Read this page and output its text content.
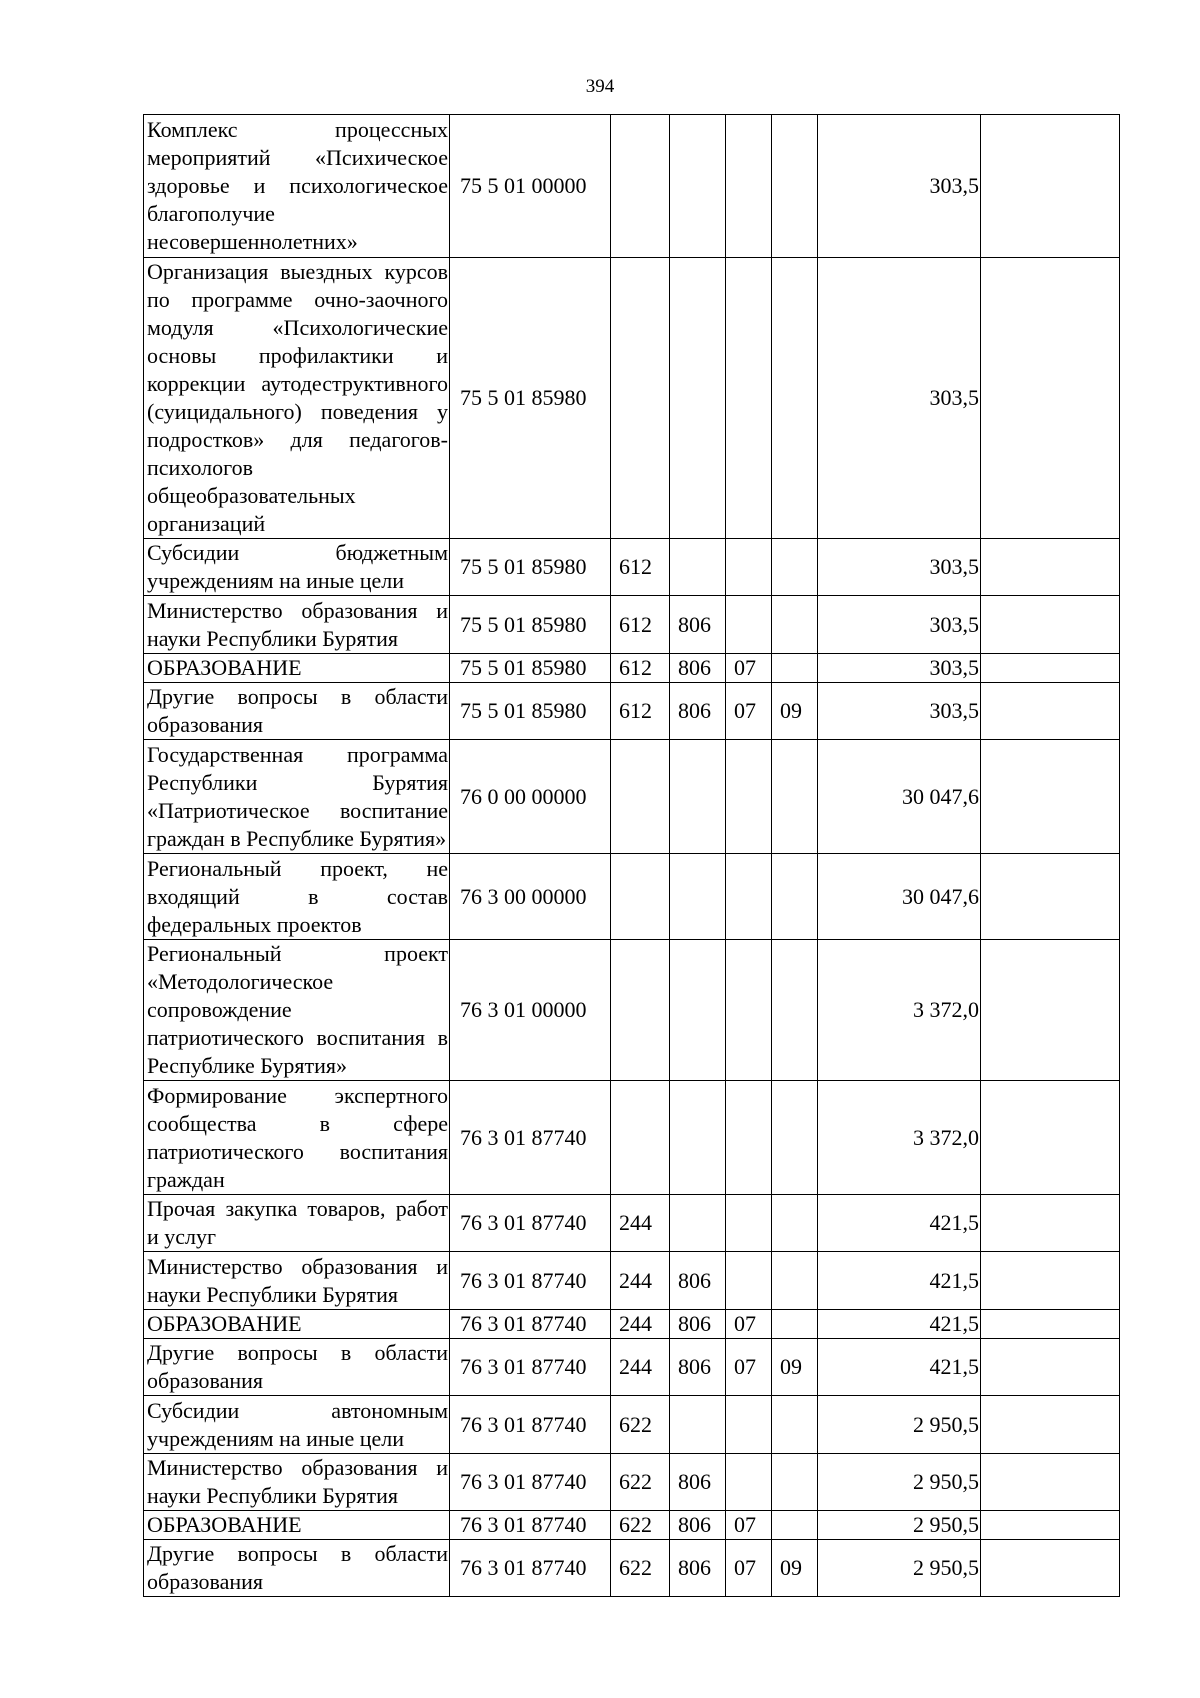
394
Комплекс процессных мероприятий «Психическое здоровье и психологическое благополучие несовершеннолетних»	75 5 01 00000					303,5	
Организация выездных курсов по программе очно-заочного модуля «Психологические основы профилактики и коррекции аутодеструктивного (суицидального) поведения у подростков» для педагогов-психологов общеобразовательных организаций	75 5 01 85980					303,5	
Субсидии бюджетным учреждениям на иные цели	75 5 01 85980	612				303,5	
Министерство образования и науки Республики Бурятия	75 5 01 85980	612	806			303,5	
ОБРАЗОВАНИЕ	75 5 01 85980	612	806	07		303,5	
Другие вопросы в области образования	75 5 01 85980	612	806	07	09	303,5	
Государственная программа Республики Бурятия «Патриотическое воспитание граждан в Республике Бурятия»	76 0 00 00000					30 047,6	
Региональный проект, не входящий в состав федеральных проектов	76 3 00 00000					30 047,6	
Региональный проект «Методологическое сопровождение патриотического воспитания в Республике Бурятия»	76 3 01 00000					3 372,0	
Формирование экспертного сообщества в сфере патриотического воспитания граждан	76 3 01 87740					3 372,0	
Прочая закупка товаров, работ и услуг	76 3 01 87740	244				421,5	
Министерство образования и науки Республики Бурятия	76 3 01 87740	244	806			421,5	
ОБРАЗОВАНИЕ	76 3 01 87740	244	806	07		421,5	
Другие вопросы в области образования	76 3 01 87740	244	806	07	09	421,5	
Субсидии автономным учреждениям на иные цели	76 3 01 87740	622				2 950,5	
Министерство образования и науки Республики Бурятия	76 3 01 87740	622	806			2 950,5	
ОБРАЗОВАНИЕ	76 3 01 87740	622	806	07		2 950,5	
Другие вопросы в области образования	76 3 01 87740	622	806	07	09	2 950,5	
